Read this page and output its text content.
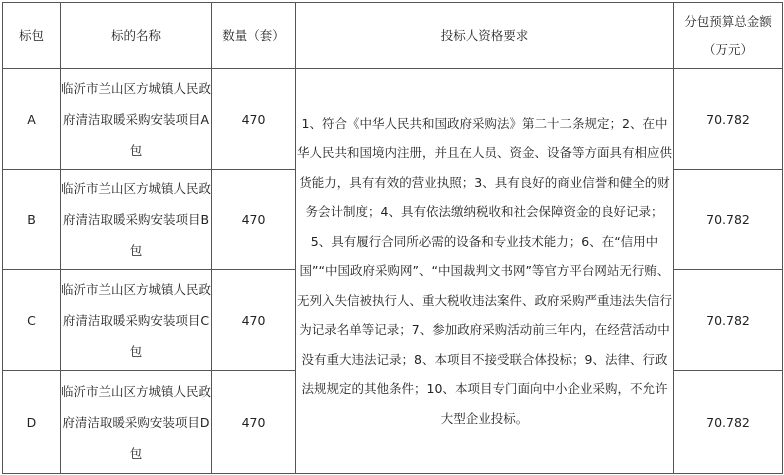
标包	标的名称	数量（套）	投标人资格要求	分包预算总金额（万元）
A	临沂市兰山区方城镇人民政府清洁取暖采购安装项目A包	470	1、符合《中华人民共和国政府采购法》第二十二条规定；2、在中华人民共和国境内注册，并且在人员、资金、设备等方面具有相应供货能力，具有有效的营业执照；3、具有良好的商业信誉和健全的财务会计制度；4、具有依法缴纳税收和社会保障资金的良好记录；5、具有履行合同所必需的设备和专业技术能力；6、在“信用中国”“中国政府采购网”、“中国裁判文书网”等官方平台网站无行贿、无列入失信被执行人、重大税收违法案件、政府采购严重违法失信行为记录名单等记录；7、参加政府采购活动前三年内，在经营活动中没有重大违法记录；8、本项目不接受联合体投标；9、法律、行政法规规定的其他条件；10、本项目专门面向中小企业采购，不允许大型企业投标。	70.782
B	临沂市兰山区方城镇人民政府清洁取暖采购安装项目B包	470		70.782
C	临沂市兰山区方城镇人民政府清洁取暖采购安装项目C包	470		70.782
D	临沂市兰山区方城镇人民政府清洁取暖采购安装项目D包	470		70.782
